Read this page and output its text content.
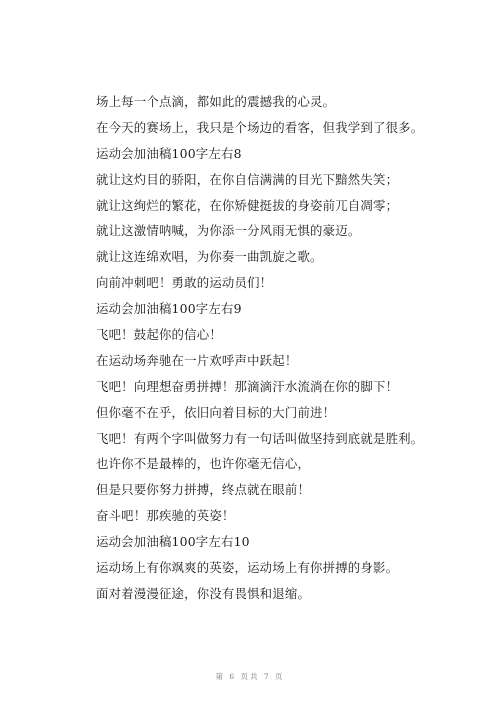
场上每一个点滴，都如此的震撼我的心灵。
在今天的赛场上，我只是个场边的看客，但我学到了很多。
运动会加油稿100字左右8
就让这灼目的骄阳，在你自信满满的目光下黯然失笑；
就让这绚烂的繁花，在你矫健挺拔的身姿前兀自凋零；
就让这激情呐喊，为你添一分风雨无惧的豪迈。
就让这连绵欢唱，为你奏一曲凯旋之歌。
向前冲刺吧！勇敢的运动员们！
运动会加油稿100字左右9
飞吧！鼓起你的信心！
在运动场奔驰在一片欢呼声中跃起！
飞吧！向理想奋勇拼搏！那滴滴汗水流淌在你的脚下！
但你毫不在乎，依旧向着目标的大门前进！
飞吧！有两个字叫做努力有一句话叫做坚持到底就是胜利。
也许你不是最棒的，也许你毫无信心，
但是只要你努力拼搏，终点就在眼前！
奋斗吧！那疾驰的英姿！
运动会加油稿100字左右10
运动场上有你飒爽的英姿，运动场上有你拼搏的身影。
面对着漫漫征途，你没有畏惧和退缩。
第 6 页共 7 页
